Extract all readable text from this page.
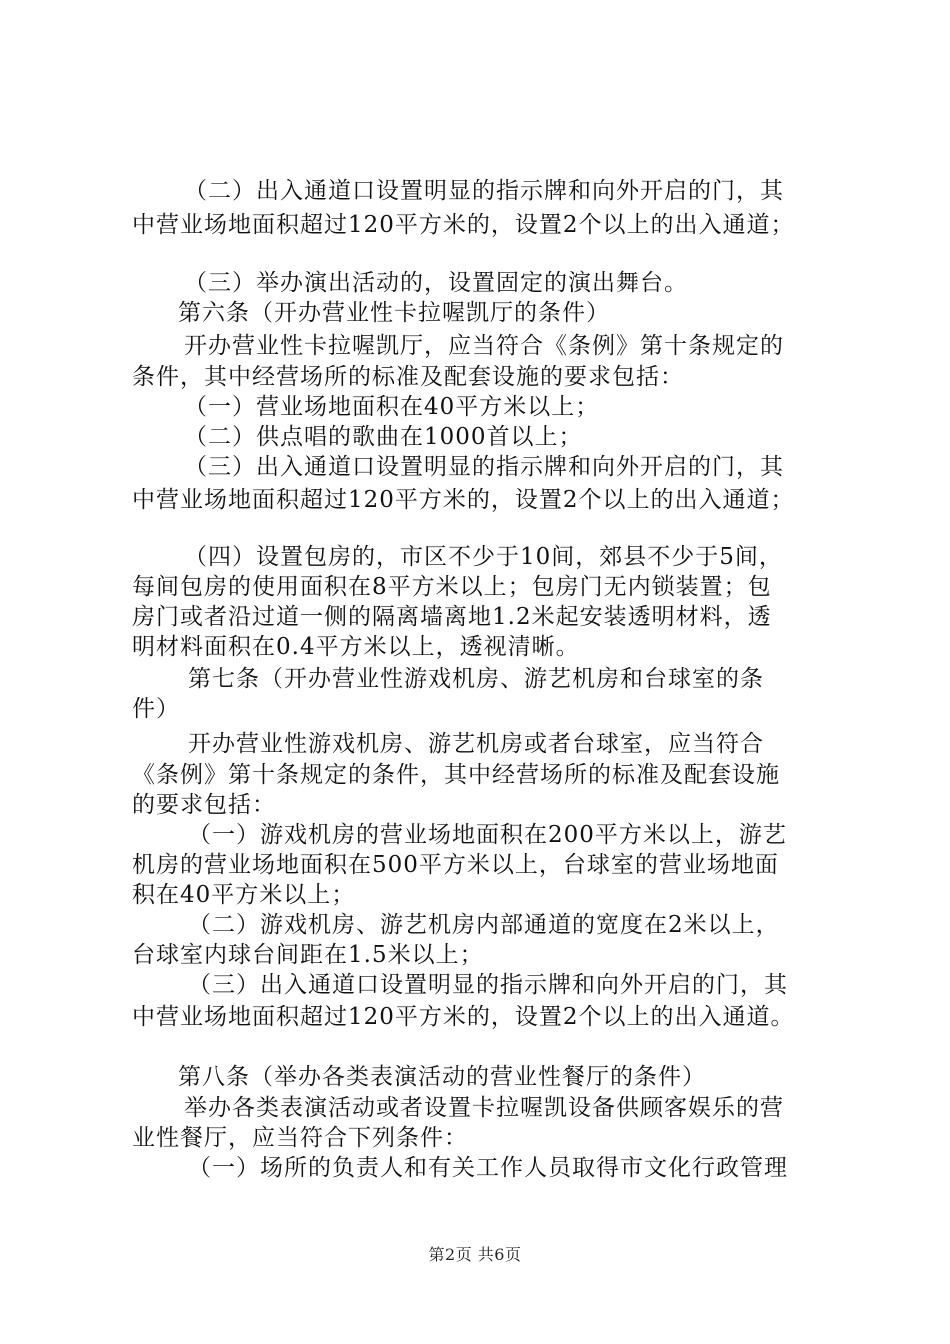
（二）出入通道口设置明显的指示牌和向外开启的门，其
中营业场地面积超过120平方米的，设置2个以上的出入通道；
（三）举办演出活动的，设置固定的演出舞台。
第六条（开办营业性卡拉喔凯厅的条件）
开办营业性卡拉喔凯厅，应当符合《条例》第十条规定的
条件，其中经营场所的标准及配套设施的要求包括：
（一）营业场地面积在40平方米以上；
（二）供点唱的歌曲在1000首以上；
（三）出入通道口设置明显的指示牌和向外开启的门，其
中营业场地面积超过120平方米的，设置2个以上的出入通道；
（四）设置包房的，市区不少于10间，郊县不少于5间，
每间包房的使用面积在8平方米以上；包房门无内锁装置；包
房门或者沿过道一侧的隔离墙离地1.2米起安装透明材料，透
明材料面积在0.4平方米以上，透视清晰。
第七条（开办营业性游戏机房、游艺机房和台球室的条
件）
开办营业性游戏机房、游艺机房或者台球室，应当符合
《条例》第十条规定的条件，其中经营场所的标准及配套设施
的要求包括：
（一）游戏机房的营业场地面积在200平方米以上，游艺
机房的营业场地面积在500平方米以上，台球室的营业场地面
积在40平方米以上；
（二）游戏机房、游艺机房内部通道的宽度在2米以上，
台球室内球台间距在1.5米以上；
（三）出入通道口设置明显的指示牌和向外开启的门，其
中营业场地面积超过120平方米的，设置2个以上的出入通道。
第八条（举办各类表演活动的营业性餐厅的条件）
举办各类表演活动或者设置卡拉喔凯设备供顾客娱乐的营
业性餐厅，应当符合下列条件：
（一）场所的负责人和有关工作人员取得市文化行政管理
第2页 共6页
